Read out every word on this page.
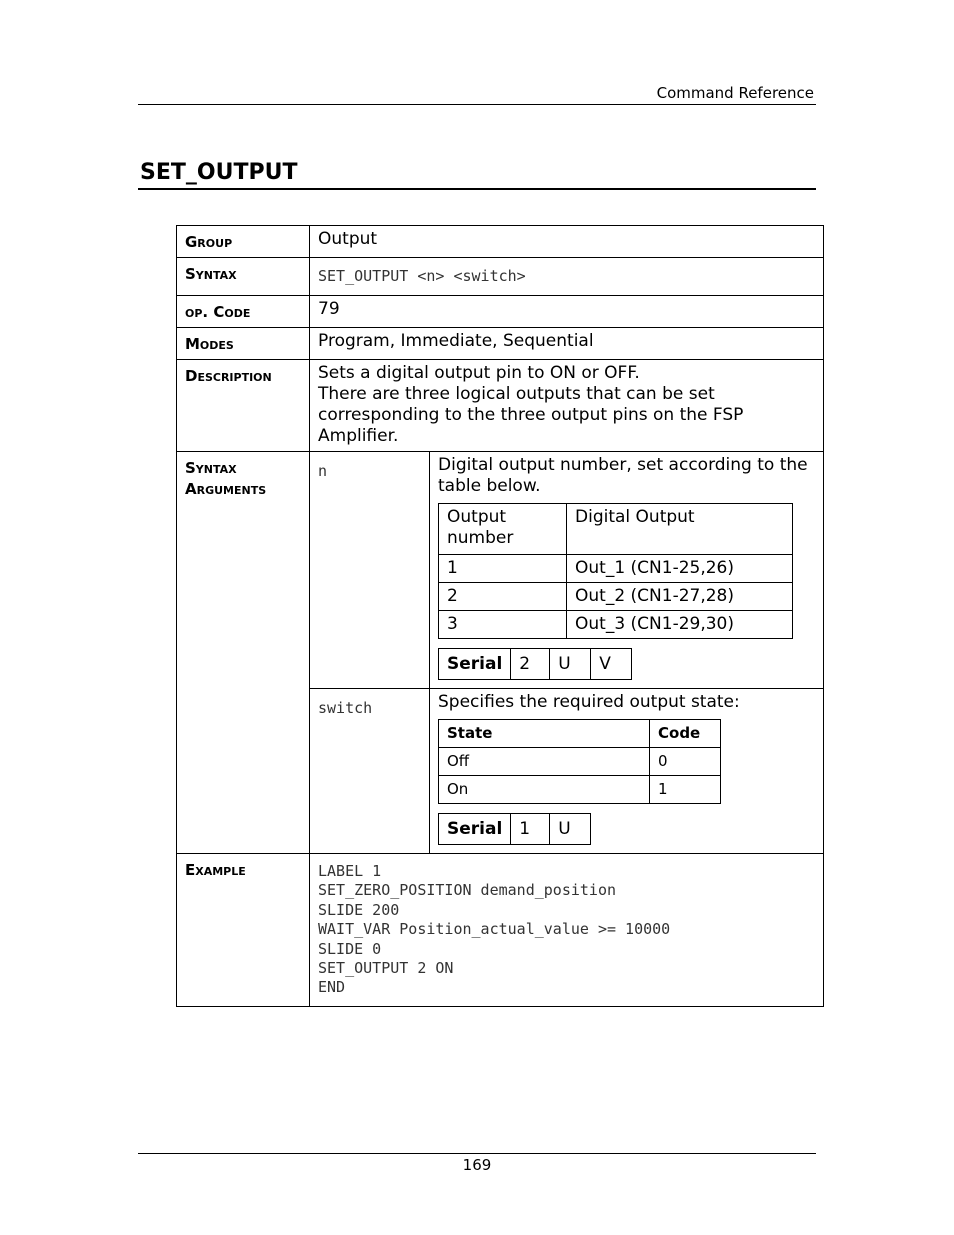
Command Reference
SET_OUTPUT
Group	Output
Syntax	SET_OUTPUT <n> <switch>
op. Code	79
Modes	Program, Immediate, Sequential
Description	Sets a digital output pin to ON or OFF.
There are three logical outputs that can be set corresponding to the three output pins on the FSP Amplifier.

Syntax
Arguments
	n	Digital output number, set according to the table below.
Output number	Digital Output
1	Out_1 (CN1-25,26)
2	Out_2 (CN1-27,28)
3	Out_3 (CN1-29,30)
Serial	2	U	V

switch	Specifies the required output state:
State	Code
Off	0
On	1
Serial	1	U

Example	LABEL 1
SET_ZERO_POSITION demand_position
SLIDE 200
WAIT_VAR Position_actual_value >= 10000
SLIDE 0
SET_OUTPUT 2 ON
END
169
